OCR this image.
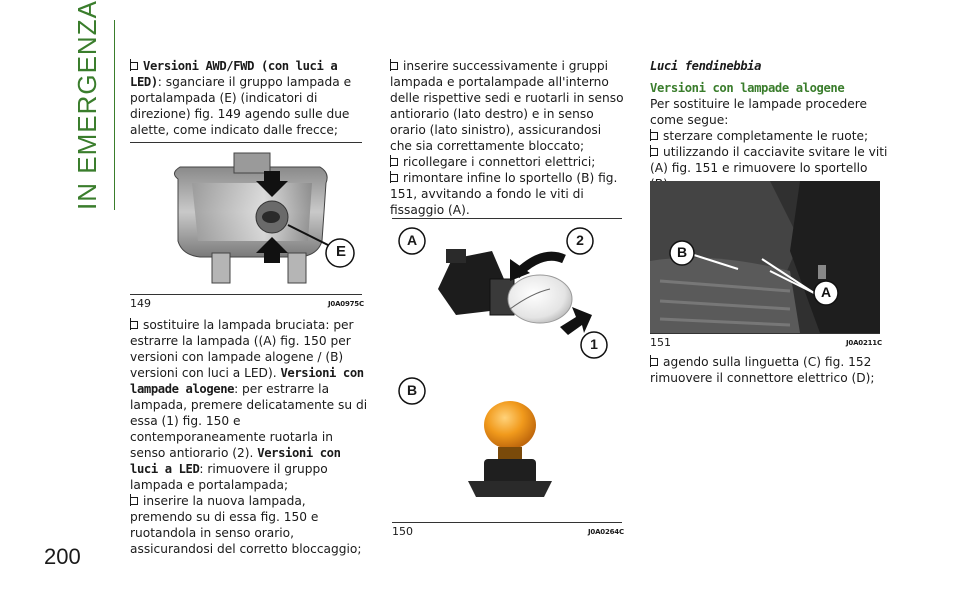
IN EMERGENZA
200

Versioni AWD/FWD (con luci a LED): sganciare il gruppo lampada e portalampada (E) (indicatori di direzione) fig. 149 agendo sulle due alette, come indicato dalle frecce;

E
149	J0A0975C

sostituire la lampada bruciata: per estrarre la lampada ((A) fig. 150 per versioni con lampade alogene / (B) versioni con luci a LED). Versioni con lampade alogene: per estrarre la lampada, premere delicatamente su di essa (1) fig. 150 e contemporaneamente ruotarla in senso antiorario (2). Versioni con luci a LED: rimuovere il gruppo lampada e portalampada;

inserire la nuova lampada, premendo su di essa fig. 150 e ruotandola in senso orario, assicurandosi del corretto bloccaggio;

inserire successivamente i gruppi lampada e portalampade all'interno delle rispettive sedi e ruotarli in senso antiorario (lato destro) e in senso orario (lato sinistro), assicurandosi che sia correttamente bloccato;

ricollegare i connettori elettrici;

rimontare infine lo sportello (B) fig. 151, avvitando a fondo le viti di fissaggio (A).

A	2
1
B
150	J0A0264C

Luci fendinebbia

Versioni con lampade alogene

Per sostituire le lampade procedere come segue:

sterzare completamente le ruote;

utilizzando il cacciavite svitare le viti (A) fig. 151 e rimuovere lo sportello

B
A
151	J0A0211C

agendo sulla linguetta (C) fig. 152 rimuovere il connettore elettrico (D);
